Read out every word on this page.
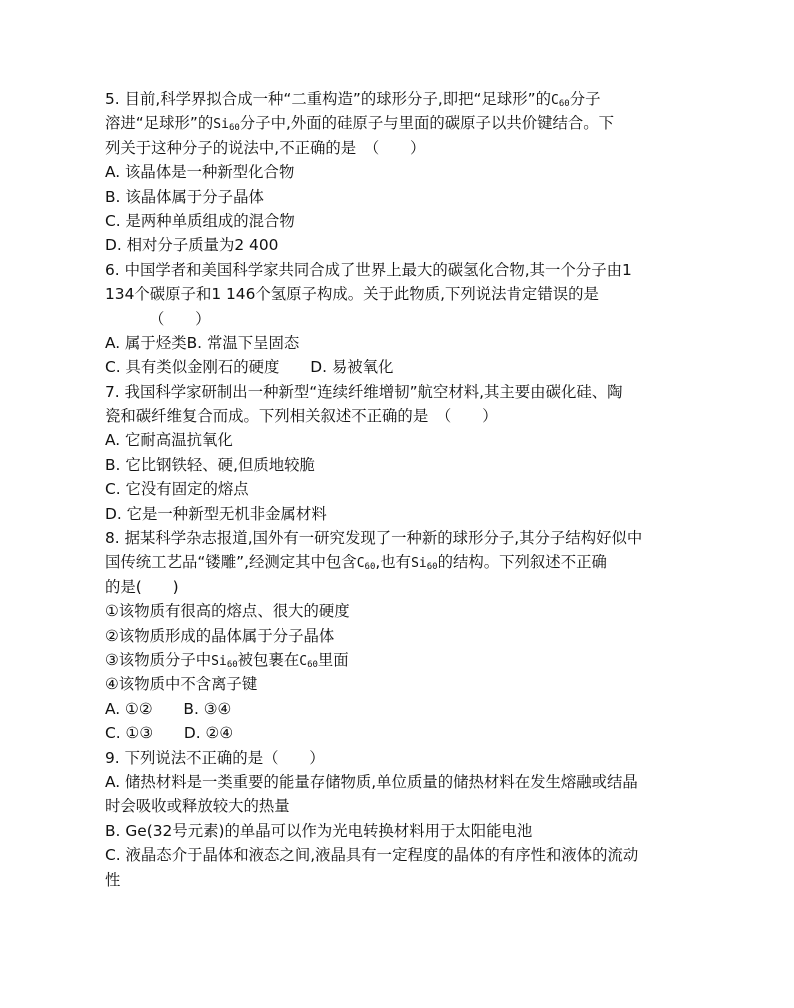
5. 目前,科学界拟合成一种“二重构造”的球形分子,即把“足球形”的$C_{60}$分子
溶进“足球形”的$Si_{60}$分子中,外面的硅原子与里面的碳原子以共价键结合。下
列关于这种分子的说法中,不正确的是　（　　）
A. 该晶体是一种新型化合物
B. 该晶体属于分子晶体
C. 是两种单质组成的混合物
D. 相对分子质量为2 400
6. 中国学者和美国科学家共同合成了世界上最大的碳氢化合物,其一个分子由1
134个碳原子和1 146个氢原子构成。关于此物质,下列说法肯定错误的是
（　　）
A. 属于烃类B. 常温下呈固态
C. 具有类似金刚石的硬度　　D. 易被氧化
7. 我国科学家研制出一种新型“连续纤维增韧”航空材料,其主要由碳化硅、陶
瓷和碳纤维复合而成。下列相关叙述不正确的是　（　　）
A. 它耐高温抗氧化
B. 它比钢铁轻、硬,但质地较脆
C. 它没有固定的熔点
D. 它是一种新型无机非金属材料
8. 据某科学杂志报道,国外有一研究发现了一种新的球形分子,其分子结构好似中
国传统工艺品“镂雕”,经测定其中包含$C_{60}$,也有$Si_{60}$的结构。下列叙述不正确
的是(　　)
①该物质有很高的熔点、很大的硬度
②该物质形成的晶体属于分子晶体
③该物质分子中$Si_{60}$被包裹在$C_{60}$里面
④该物质中不含离子键
A. ①②　　B. ③④
C. ①③　　D. ②④
9. 下列说法不正确的是（　　）
A. 储热材料是一类重要的能量存储物质,单位质量的储热材料在发生熔融或结晶
时会吸收或释放较大的热量
B. Ge(32号元素)的单晶可以作为光电转换材料用于太阳能电池
C. 液晶态介于晶体和液态之间,液晶具有一定程度的晶体的有序性和液体的流动
性
